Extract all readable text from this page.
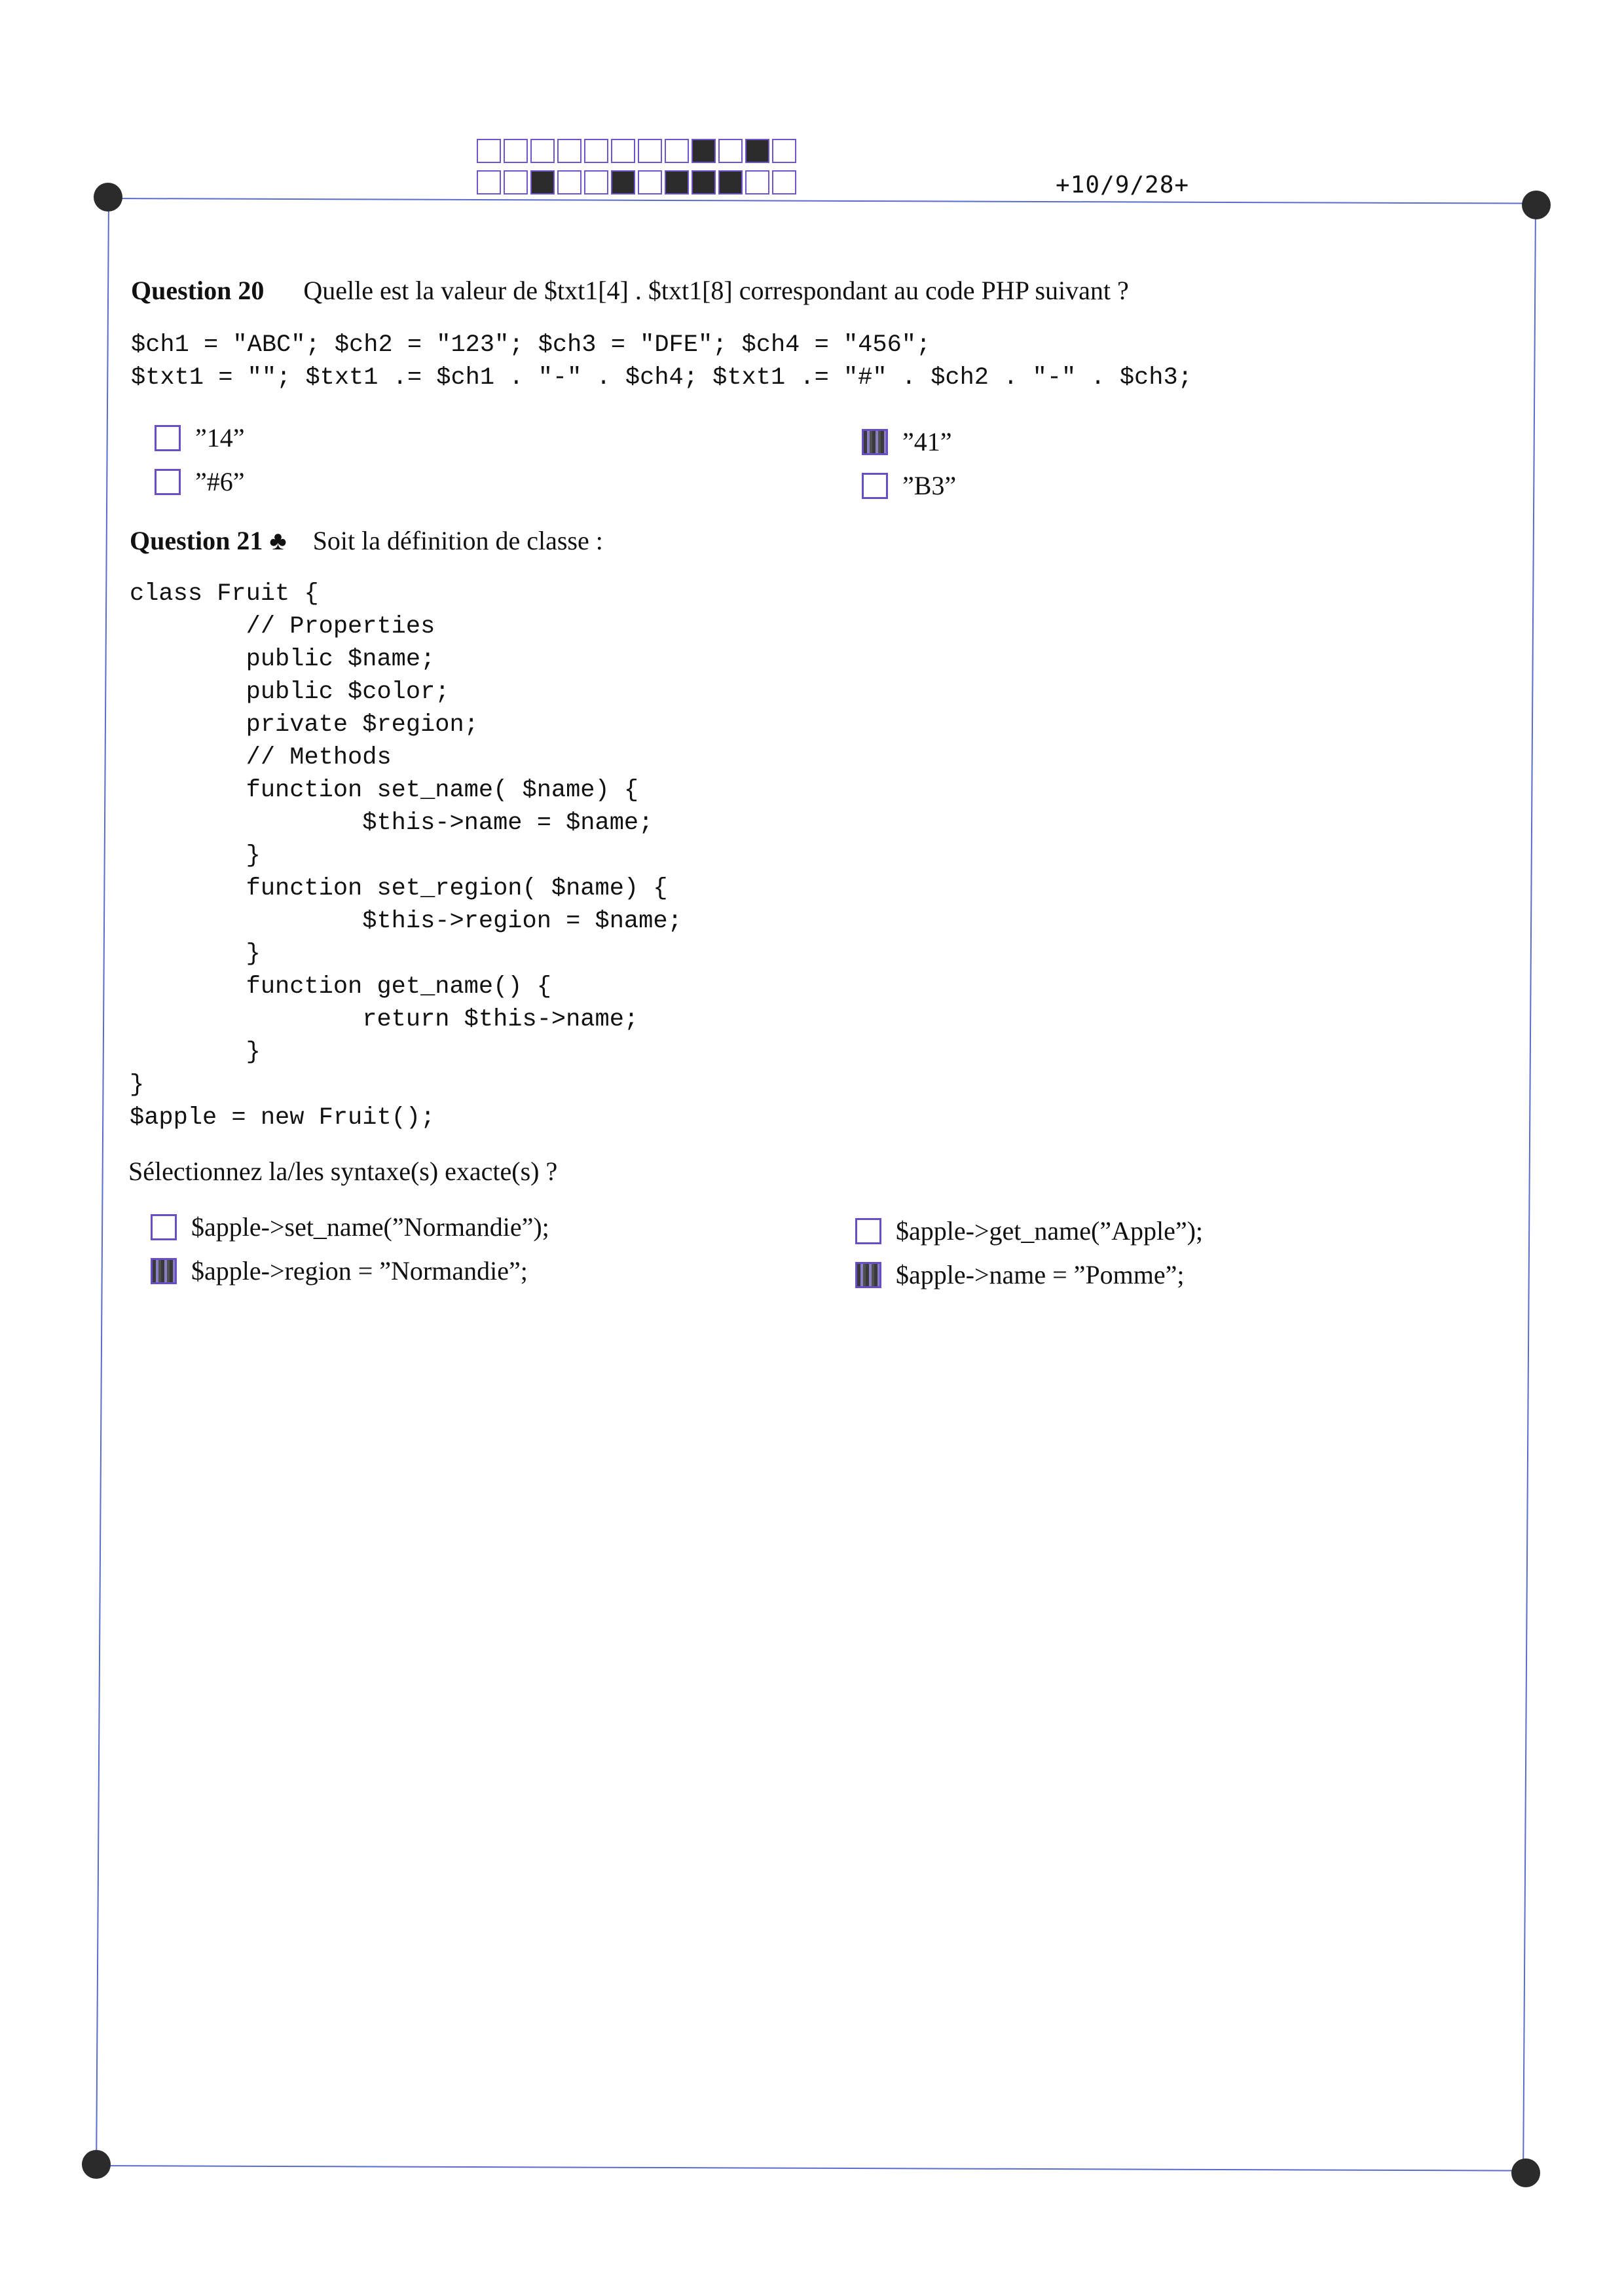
+10/9/28+
Question 20 Quelle est la valeur de $txt1[4] . $txt1[8] correspondant au code PHP suivant ?
$ch1 = "ABC"; $ch2 = "123"; $ch3 = "DFE"; $ch4 = "456";
$txt1 = ""; $txt1 .= $ch1 . "-" . $ch4; $txt1 .= "#" . $ch2 . "-" . $ch3;
”14”	”41”
”#6”	”B3”
Question 21 ♣ Soit la définition de classe :
class Fruit {
// Properties
public $name;
public $color;
private $region;
// Methods
function set_name( $name) {
$this->name = $name;
}
function set_region( $name) {
$this->region = $name;
}
function get_name() {
return $this->name;
}
}
$apple = new Fruit();
Sélectionnez la/les syntaxe(s) exacte(s) ?
$apple->set_name(”Normandie”);	$apple->get_name(”Apple”);
$apple->region = ”Normandie”;	$apple->name = ”Pomme”;
